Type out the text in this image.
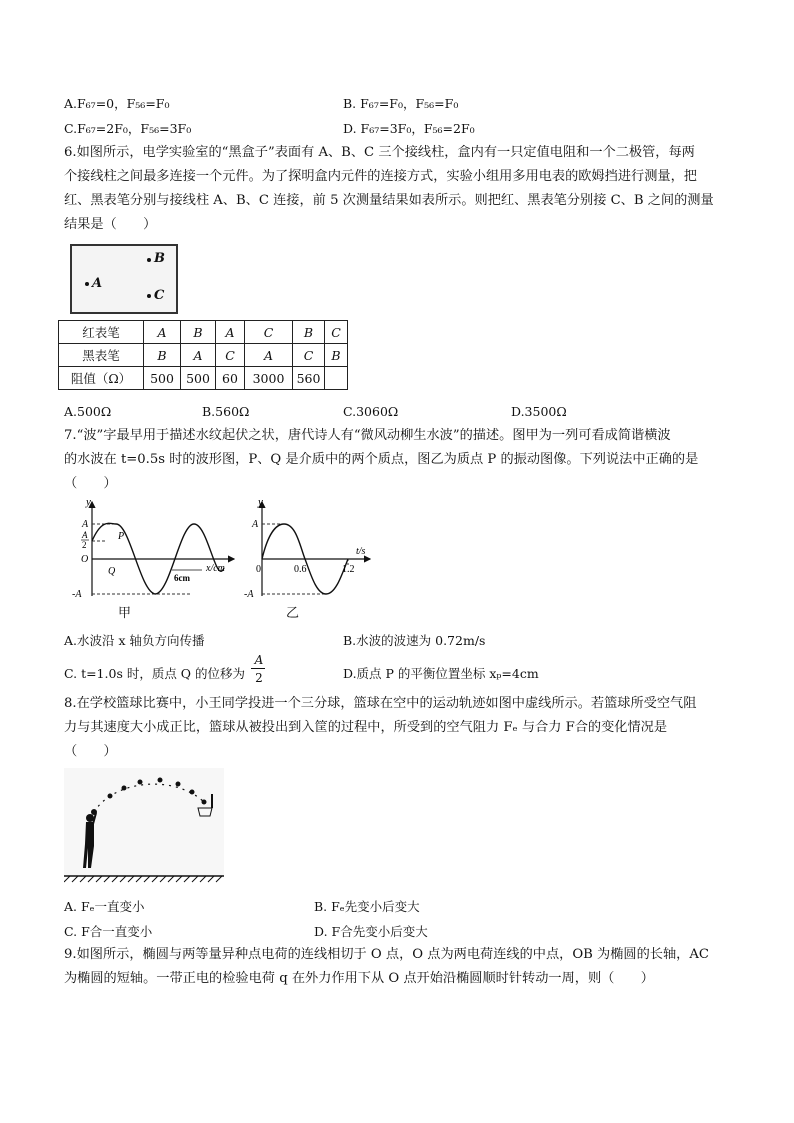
A.F₆₇=0，F₅₆=F₀	B. F₆₇=F₀，F₅₆=F₀
C.F₆₇=2F₀，F₅₆=3F₀	D. F₆₇=3F₀，F₅₆=2F₀
6.如图所示，电学实验室的“黑盒子”表面有 A、B、C 三个接线柱，盒内有一只定值电阻和一个二极管，每两
个接线柱之间最多连接一个元件。为了探明盒内元件的连接方式，实验小组用多用电表的欧姆挡进行测量，把
红、黑表笔分别与接线柱 A、B、C 连接，前 5 次测量结果如表所示。则把红、黑表笔分别接 C、B 之间的测量
结果是（　　）
B
A
C
红表笔	A	B	A	C	B	C
黑表笔	B	A	C	A	C	B
阻值（Ω）	500	500	60	3000	560	
A.500Ω	B.560Ω	C.3060Ω	D.3500Ω
7.“波”字最早用于描述水纹起伏之状，唐代诗人有“微风动柳生水波”的描述。图甲为一列可看成简谐横波
的水波在 t=0.5s 时的波形图，P、Q 是介质中的两个质点，图乙为质点 P 的振动图像。下列说法中正确的是
（　　）
y
A
A
2
O
P
Q
6cm
x/cm
-A
甲
y
A
0
t/s
0.6	1.2
-A
乙
A.水波沿 x 轴负方向传播	B.水波的波速为 0.72m/s
C. t=1.0s 时，质点 Q 的位移为
A
2	D.质点 P 的平衡位置坐标 xₚ=4cm
8.在学校篮球比赛中，小王同学投进一个三分球，篮球在空中的运动轨迹如图中虚线所示。若篮球所受空气阻
力与其速度大小成正比，篮球从被投出到入筐的过程中，所受到的空气阻力 Fₑ 与合力 F合的变化情况是
（　　）
A. Fₑ一直变小	B. Fₑ先变小后变大
C. F合一直变小	D. F合先变小后变大
9.如图所示，椭圆与两等量异种点电荷的连线相切于 O 点，O 点为两电荷连线的中点，OB 为椭圆的长轴，AC
为椭圆的短轴。一带正电的检验电荷 q 在外力作用下从 O 点开始沿椭圆顺时针转动一周，则（　　）
